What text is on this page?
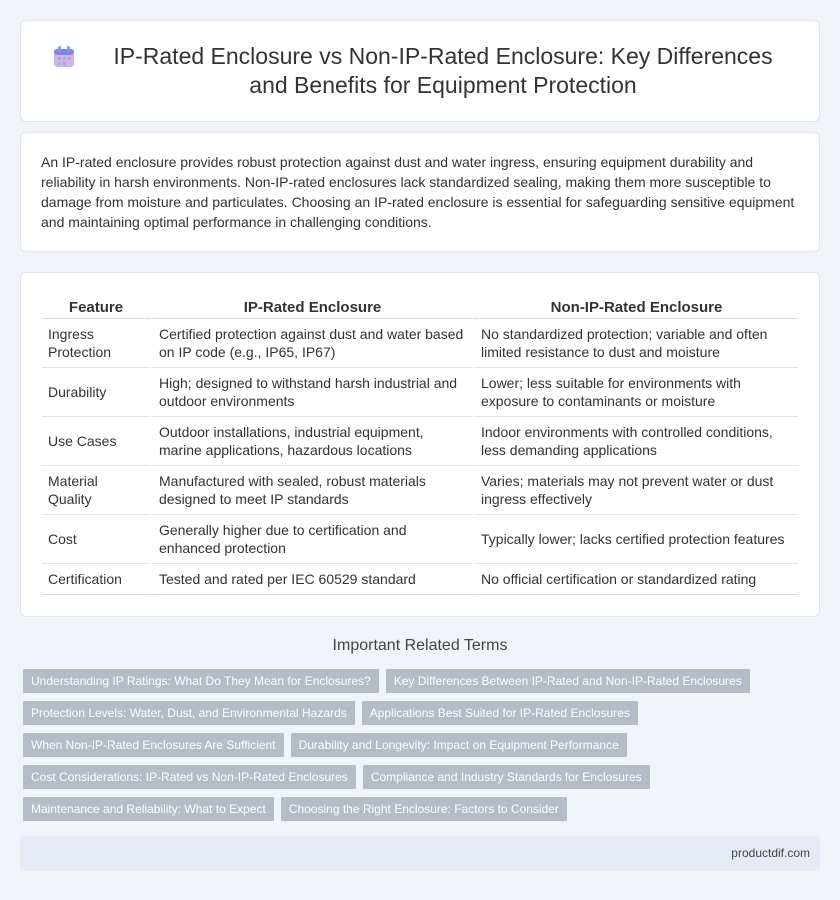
IP-Rated Enclosure vs Non-IP-Rated Enclosure: Key Differences and Benefits for Equipment Protection

An IP-rated enclosure provides robust protection against dust and water ingress, ensuring equipment durability and reliability in harsh environments. Non-IP-rated enclosures lack standardized sealing, making them more susceptible to damage from moisture and particulates. Choosing an IP-rated enclosure is essential for safeguarding sensitive equipment and maintaining optimal performance in challenging conditions.

Feature	IP-Rated Enclosure	Non-IP-Rated Enclosure
Ingress Protection	Certified protection against dust and water based on IP code (e.g., IP65, IP67)	No standardized protection; variable and often limited resistance to dust and moisture
Durability	High; designed to withstand harsh industrial and outdoor environments	Lower; less suitable for environments with exposure to contaminants or moisture
Use Cases	Outdoor installations, industrial equipment, marine applications, hazardous locations	Indoor environments with controlled conditions, less demanding applications
Material Quality	Manufactured with sealed, robust materials designed to meet IP standards	Varies; materials may not prevent water or dust ingress effectively
Cost	Generally higher due to certification and enhanced protection	Typically lower; lacks certified protection features
Certification	Tested and rated per IEC 60529 standard	No official certification or standardized rating
Important Related Terms
Understanding IP Ratings: What Do They Mean for Enclosures?	Key Differences Between IP-Rated and Non-IP-Rated Enclosures
Protection Levels: Water, Dust, and Environmental Hazards	Applications Best Suited for IP-Rated Enclosures
When Non-IP-Rated Enclosures Are Sufficient	Durability and Longevity: Impact on Equipment Performance
Cost Considerations: IP-Rated vs Non-IP-Rated Enclosures	Compliance and Industry Standards for Enclosures
Maintenance and Reliability: What to Expect	Choosing the Right Enclosure: Factors to Consider
productdif.com
